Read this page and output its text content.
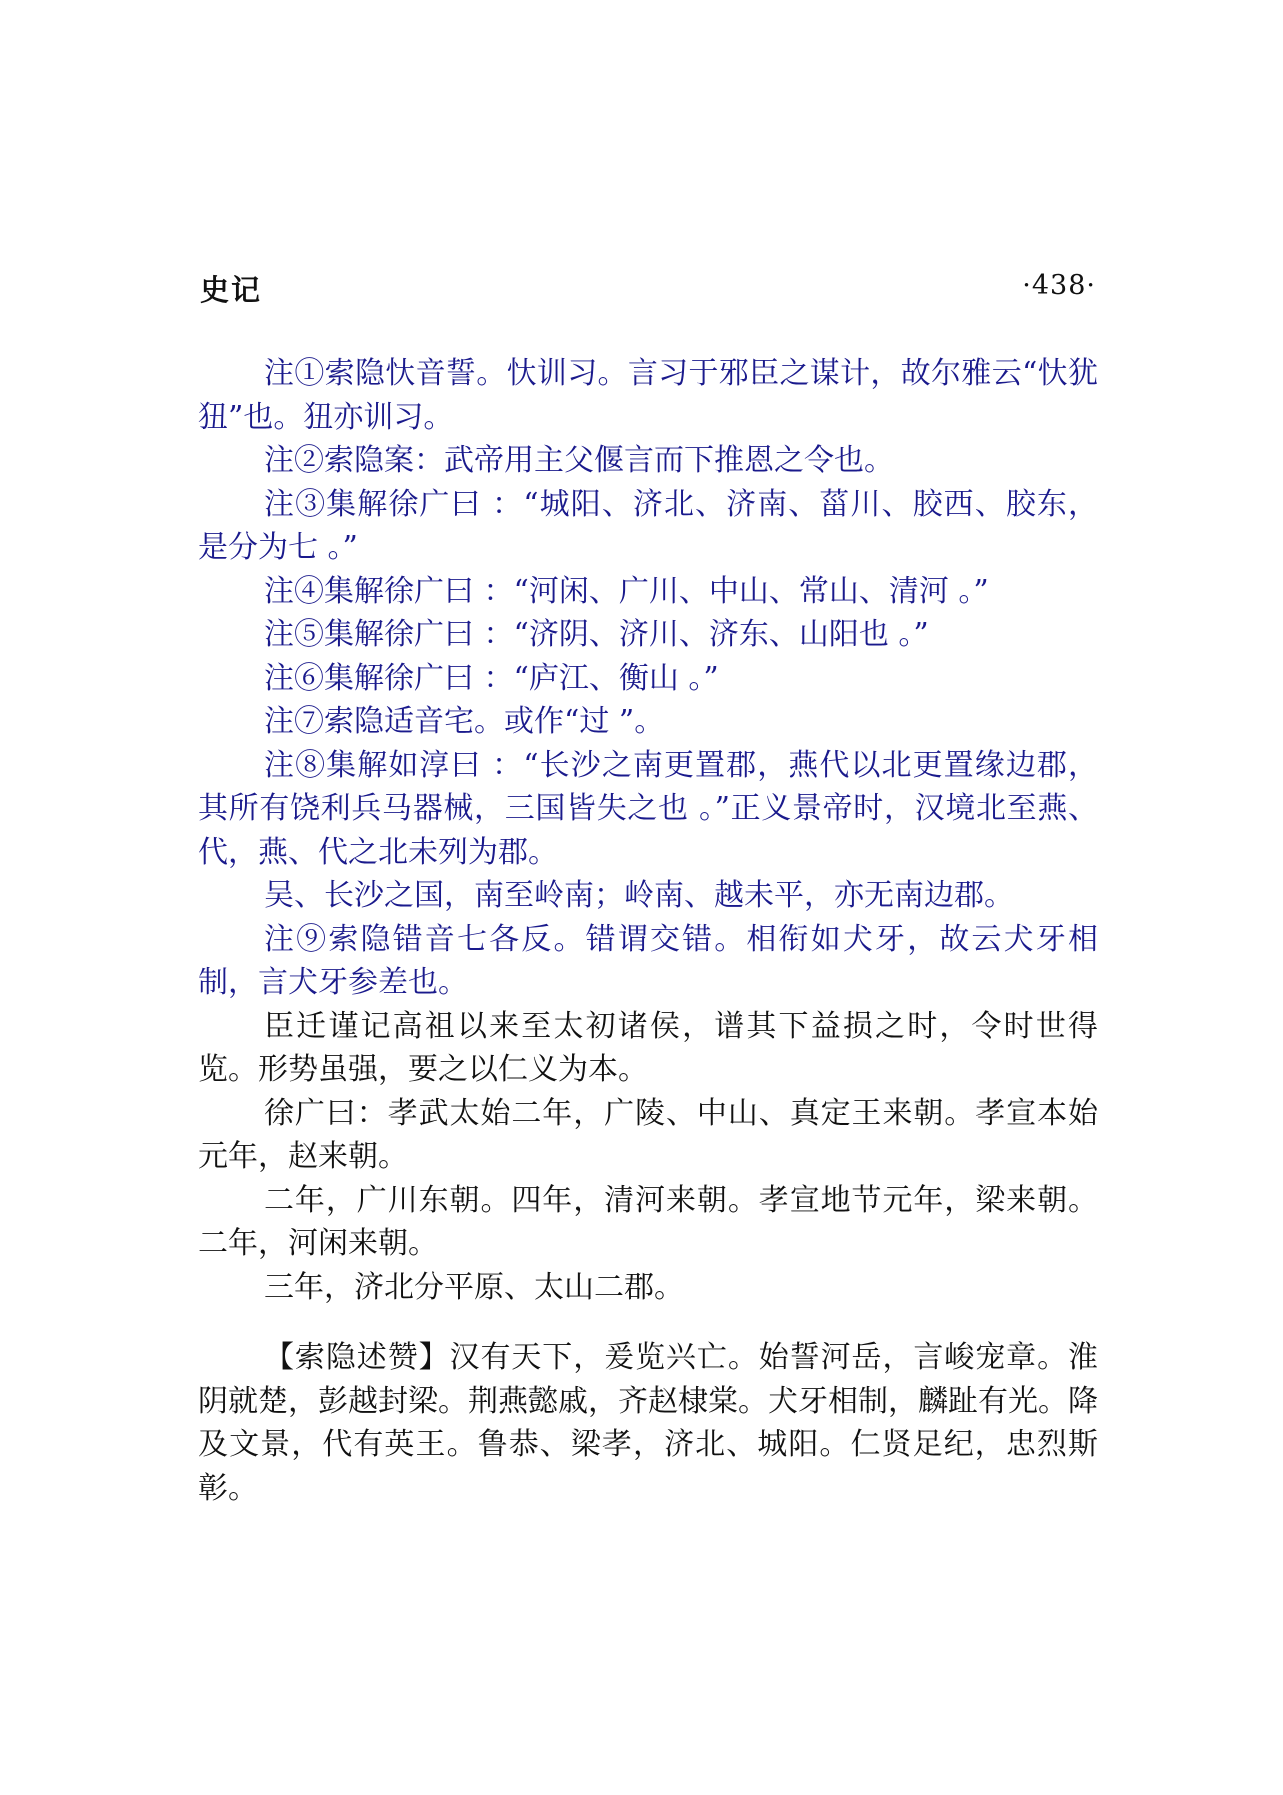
史记	·438·

注①索隐忕音誓。忕训习。言习于邪臣之谋计，故尔雅云“忕犹狃”也。狃亦训习。

注②索隐案：武帝用主父偃言而下推恩之令也。

注③集解徐广曰 ：“城阳、济北、济南、菑川、胶西、胶东，是分为七 。”

注④集解徐广曰 ：“河闲、广川、中山、常山、清河 。”

注⑤集解徐广曰 ：“济阴、济川、济东、山阳也 。”

注⑥集解徐广曰 ：“庐江、衡山 。”

注⑦索隐适音宅。或作“过 ”。

注⑧集解如淳曰 ：“长沙之南更置郡，燕代以北更置缘边郡，其所有饶利兵马器械，三国皆失之也 。”正义景帝时，汉境北至燕、代，燕、代之北未列为郡。

吴、长沙之国，南至岭南；岭南、越未平，亦无南边郡。

注⑨索隐错音七各反。错谓交错。相衔如犬牙，故云犬牙相制，言犬牙参差也。

臣迁谨记高祖以来至太初诸侯，谱其下益损之时，令时世得览。形势虽强，要之以仁义为本。

徐广曰：孝武太始二年，广陵、中山、真定王来朝。孝宣本始元年，赵来朝。

二年，广川东朝。四年，清河来朝。孝宣地节元年，梁来朝。二年，河闲来朝。

三年，济北分平原、太山二郡。

【索隐述赞】汉有天下，爰览兴亡。始誓河岳，言峻宠章。淮阴就楚，彭越封梁。荆燕懿戚，齐赵棣棠。犬牙相制，麟趾有光。降及文景，代有英王。鲁恭、梁孝，济北、城阳。仁贤足纪，忠烈斯彰。
